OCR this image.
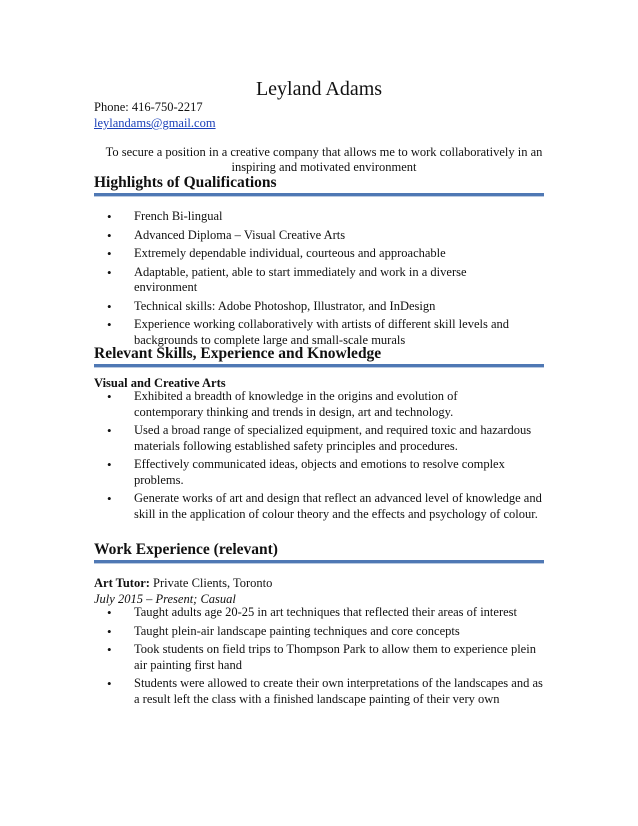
Leyland Adams
Phone: 416-750-2217
leylandams@gmail.com
To secure a position in a creative company that allows me to work collaboratively in an inspiring and motivated environment
Highlights of Qualifications
• French Bi-lingual
• Advanced Diploma – Visual Creative Arts
• Extremely dependable individual, courteous and approachable
• Adaptable, patient, able to start immediately and work in a diverse environment
• Technical skills: Adobe Photoshop, Illustrator, and InDesign
• Experience working collaboratively with artists of different skill levels and backgrounds to complete large and small-scale murals
Relevant Skills, Experience and Knowledge
Visual and Creative Arts
• Exhibited a breadth of knowledge in the origins and evolution of contemporary thinking and trends in design, art and technology.
• Used a broad range of specialized equipment, and required toxic and hazardous materials following established safety principles and procedures.
• Effectively communicated ideas, objects and emotions to resolve complex problems.
• Generate works of art and design that reflect an advanced level of knowledge and skill in the application of colour theory and the effects and psychology of colour.
Work Experience (relevant)
Art Tutor: Private Clients, Toronto
July 2015 – Present; Casual
• Taught adults age 20-25 in art techniques that reflected their areas of interest
• Taught plein-air landscape painting techniques and core concepts
• Took students on field trips to Thompson Park to allow them to experience plein air painting first hand
• Students were allowed to create their own interpretations of the landscapes and as a result left the class with a finished landscape painting of their very own
